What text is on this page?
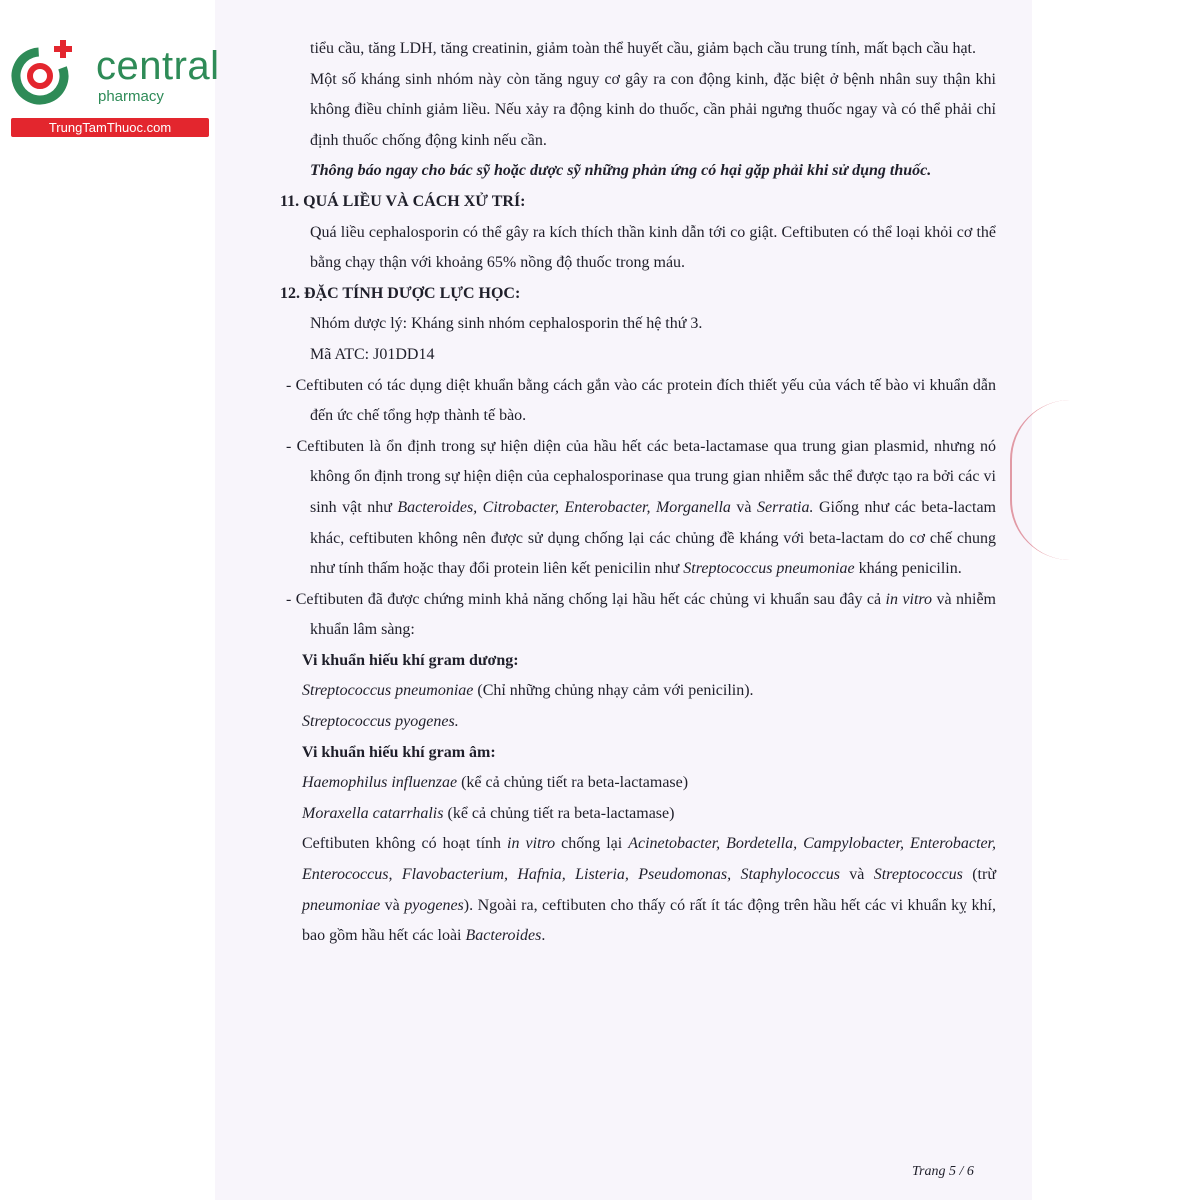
central
pharmacy
TrungTamThuoc.com

tiểu cầu, tăng LDH, tăng creatinin, giảm toàn thể huyết cầu, giảm bạch cầu trung tính, mất bạch cầu hạt.

Một số kháng sinh nhóm này còn tăng nguy cơ gây ra con động kinh, đặc biệt ở bệnh nhân suy thận khi không điều chỉnh giảm liều. Nếu xảy ra động kinh do thuốc, cần phải ngưng thuốc ngay và có thể phải chỉ định thuốc chống động kinh nếu cần.

Thông báo ngay cho bác sỹ hoặc dược sỹ những phản ứng có hại gặp phải khi sử dụng thuốc.

11. QUÁ LIỀU VÀ CÁCH XỬ TRÍ:

Quá liều cephalosporin có thể gây ra kích thích thần kinh dẫn tới co giật. Ceftibuten có thể loại khỏi cơ thể bằng chạy thận với khoảng 65% nồng độ thuốc trong máu.

12. ĐẶC TÍNH DƯỢC LỰC HỌC:

Nhóm dược lý: Kháng sinh nhóm cephalosporin thế hệ thứ 3.

Mã ATC: J01DD14

- Ceftibuten có tác dụng diệt khuẩn bằng cách gắn vào các protein đích thiết yếu của vách tế bào vi khuẩn dẫn đến ức chế tổng hợp thành tế bào.

- Ceftibuten là ổn định trong sự hiện diện của hầu hết các beta-lactamase qua trung gian plasmid, nhưng nó không ổn định trong sự hiện diện của cephalosporinase qua trung gian nhiễm sắc thể được tạo ra bởi các vi sinh vật như Bacteroides, Citrobacter, Enterobacter, Morganella và Serratia. Giống như các beta-lactam khác, ceftibuten không nên được sử dụng chống lại các chủng đề kháng với beta-lactam do cơ chế chung như tính thấm hoặc thay đổi protein liên kết penicilin như Streptococcus pneumoniae kháng penicilin.

- Ceftibuten đã được chứng minh khả năng chống lại hầu hết các chủng vi khuẩn sau đây cả in vitro và nhiễm khuẩn lâm sàng:

Vi khuẩn hiếu khí gram dương:

Streptococcus pneumoniae (Chỉ những chủng nhạy cảm với penicilin).

Streptococcus pyogenes.

Vi khuẩn hiếu khí gram âm:

Haemophilus influenzae (kể cả chủng tiết ra beta-lactamase)

Moraxella catarrhalis (kể cả chủng tiết ra beta-lactamase)

Ceftibuten không có hoạt tính in vitro chống lại Acinetobacter, Bordetella, Campylobacter, Enterobacter, Enterococcus, Flavobacterium, Hafnia, Listeria, Pseudomonas, Staphylococcus và Streptococcus (trừ pneumoniae và pyogenes). Ngoài ra, ceftibuten cho thấy có rất ít tác động trên hầu hết các vi khuẩn kỵ khí, bao gồm hầu hết các loài Bacteroides.

Trang 5 / 6
